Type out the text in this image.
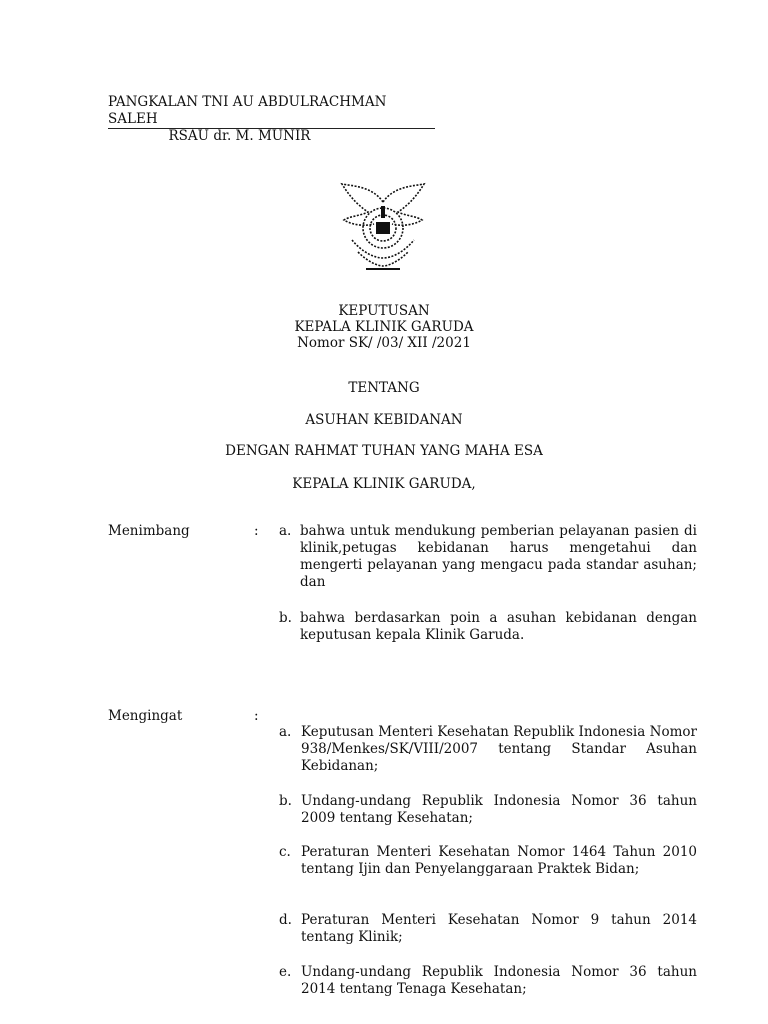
PANGKALAN TNI AU ABDULRACHMAN SALEH
RSAU dr. M. MUNIR
KEPUTUSAN
KEPALA KLINIK GARUDA
Nomor SK/ /03/ XII /2021
TENTANG
ASUHAN KEBIDANAN
DENGAN RAHMAT TUHAN YANG MAHA ESA
KEPALA KLINIK GARUDA,
Menimbang	: a. bahwa untuk mendukung pemberian pelayanan pasien di klinik,petugas kebidanan harus mengetahui dan mengerti pelayanan yang mengacu pada standar asuhan; dan
b. bahwa berdasarkan poin a asuhan kebidanan dengan keputusan kepala Klinik Garuda.
Mengingat	:
a. Keputusan Menteri Kesehatan Republik Indonesia Nomor 938/Menkes/SK/VIII/2007 tentang Standar Asuhan Kebidanan;
b. Undang-undang Republik Indonesia Nomor 36 tahun 2009 tentang Kesehatan;
c. Peraturan Menteri Kesehatan Nomor 1464 Tahun 2010 tentang Ijin dan Penyelanggaraan Praktek Bidan;
d. Peraturan Menteri Kesehatan Nomor 9 tahun 2014 tentang Klinik;
e. Undang-undang Republik Indonesia Nomor 36 tahun 2014 tentang Tenaga Kesehatan;
